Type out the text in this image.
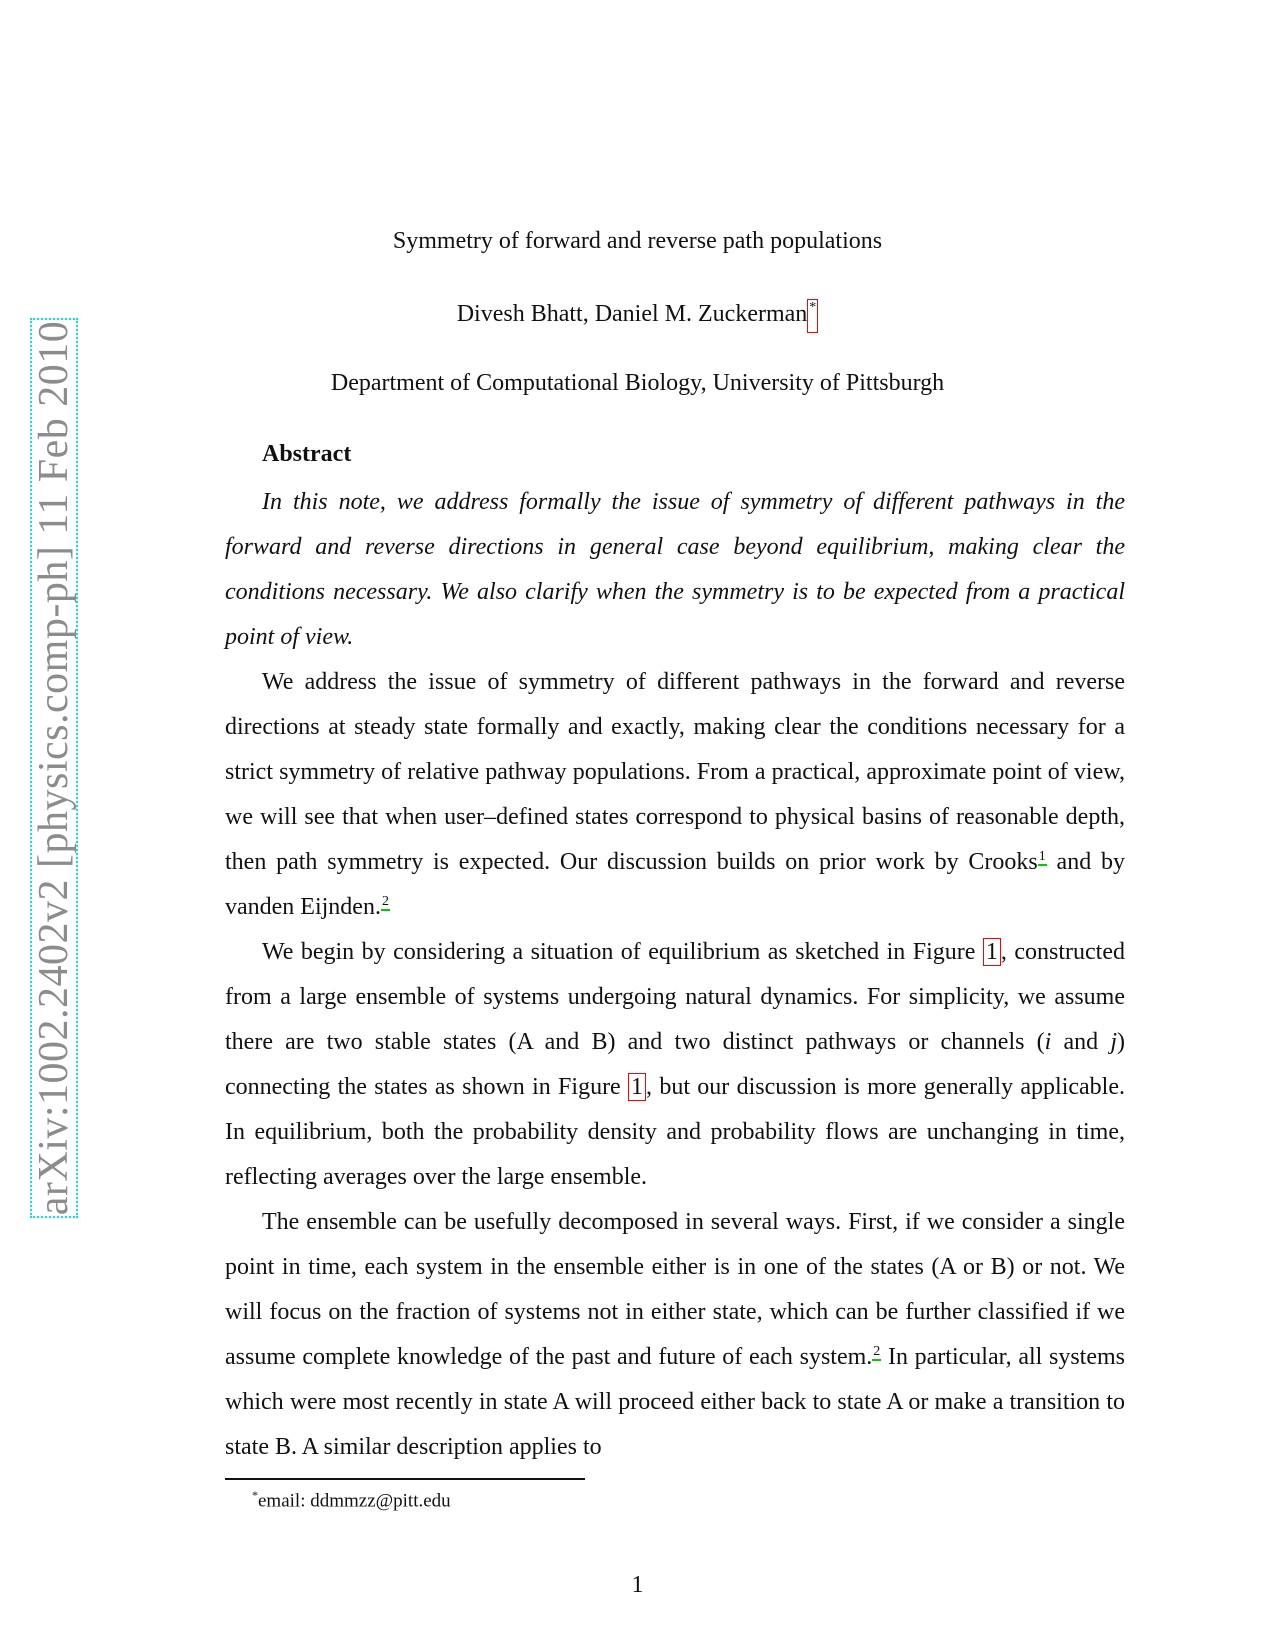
arXiv:1002.2402v2 [physics.comp-ph] 11 Feb 2010
Symmetry of forward and reverse path populations
Divesh Bhatt, Daniel M. Zuckerman *
Department of Computational Biology, University of Pittsburgh
Abstract

In this note, we address formally the issue of symmetry of different pathways in the forward and reverse directions in general case beyond equilibrium, making clear the conditions necessary. We also clarify when the symmetry is to be expected from a practical point of view.

We address the issue of symmetry of different pathways in the forward and reverse directions at steady state formally and exactly, making clear the conditions necessary for a strict symmetry of relative pathway populations. From a practical, approximate point of view, we will see that when user–defined states correspond to physical basins of reasonable depth, then path symmetry is expected. Our discussion builds on prior work by Crooks$^1$ and by vanden Eijnden.$^2$

We begin by considering a situation of equilibrium as sketched in Figure 1 , constructed from a large ensemble of systems undergoing natural dynamics. For simplicity, we assume there are two stable states (A and B) and two distinct pathways or channels (i and j) connecting the states as shown in Figure 1 , but our discussion is more generally applicable. In equilibrium, both the probability density and probability flows are unchanging in time, reflecting averages over the large ensemble.

The ensemble can be usefully decomposed in several ways. First, if we consider a single point in time, each system in the ensemble either is in one of the states (A or B) or not. We will focus on the fraction of systems not in either state, which can be further classified if we assume complete knowledge of the past and future of each system.$^2$ In particular, all systems which were most recently in state A will proceed either back to state A or make a transition to state B. A similar description applies to

*email: ddmmzz@pitt.edu
1
